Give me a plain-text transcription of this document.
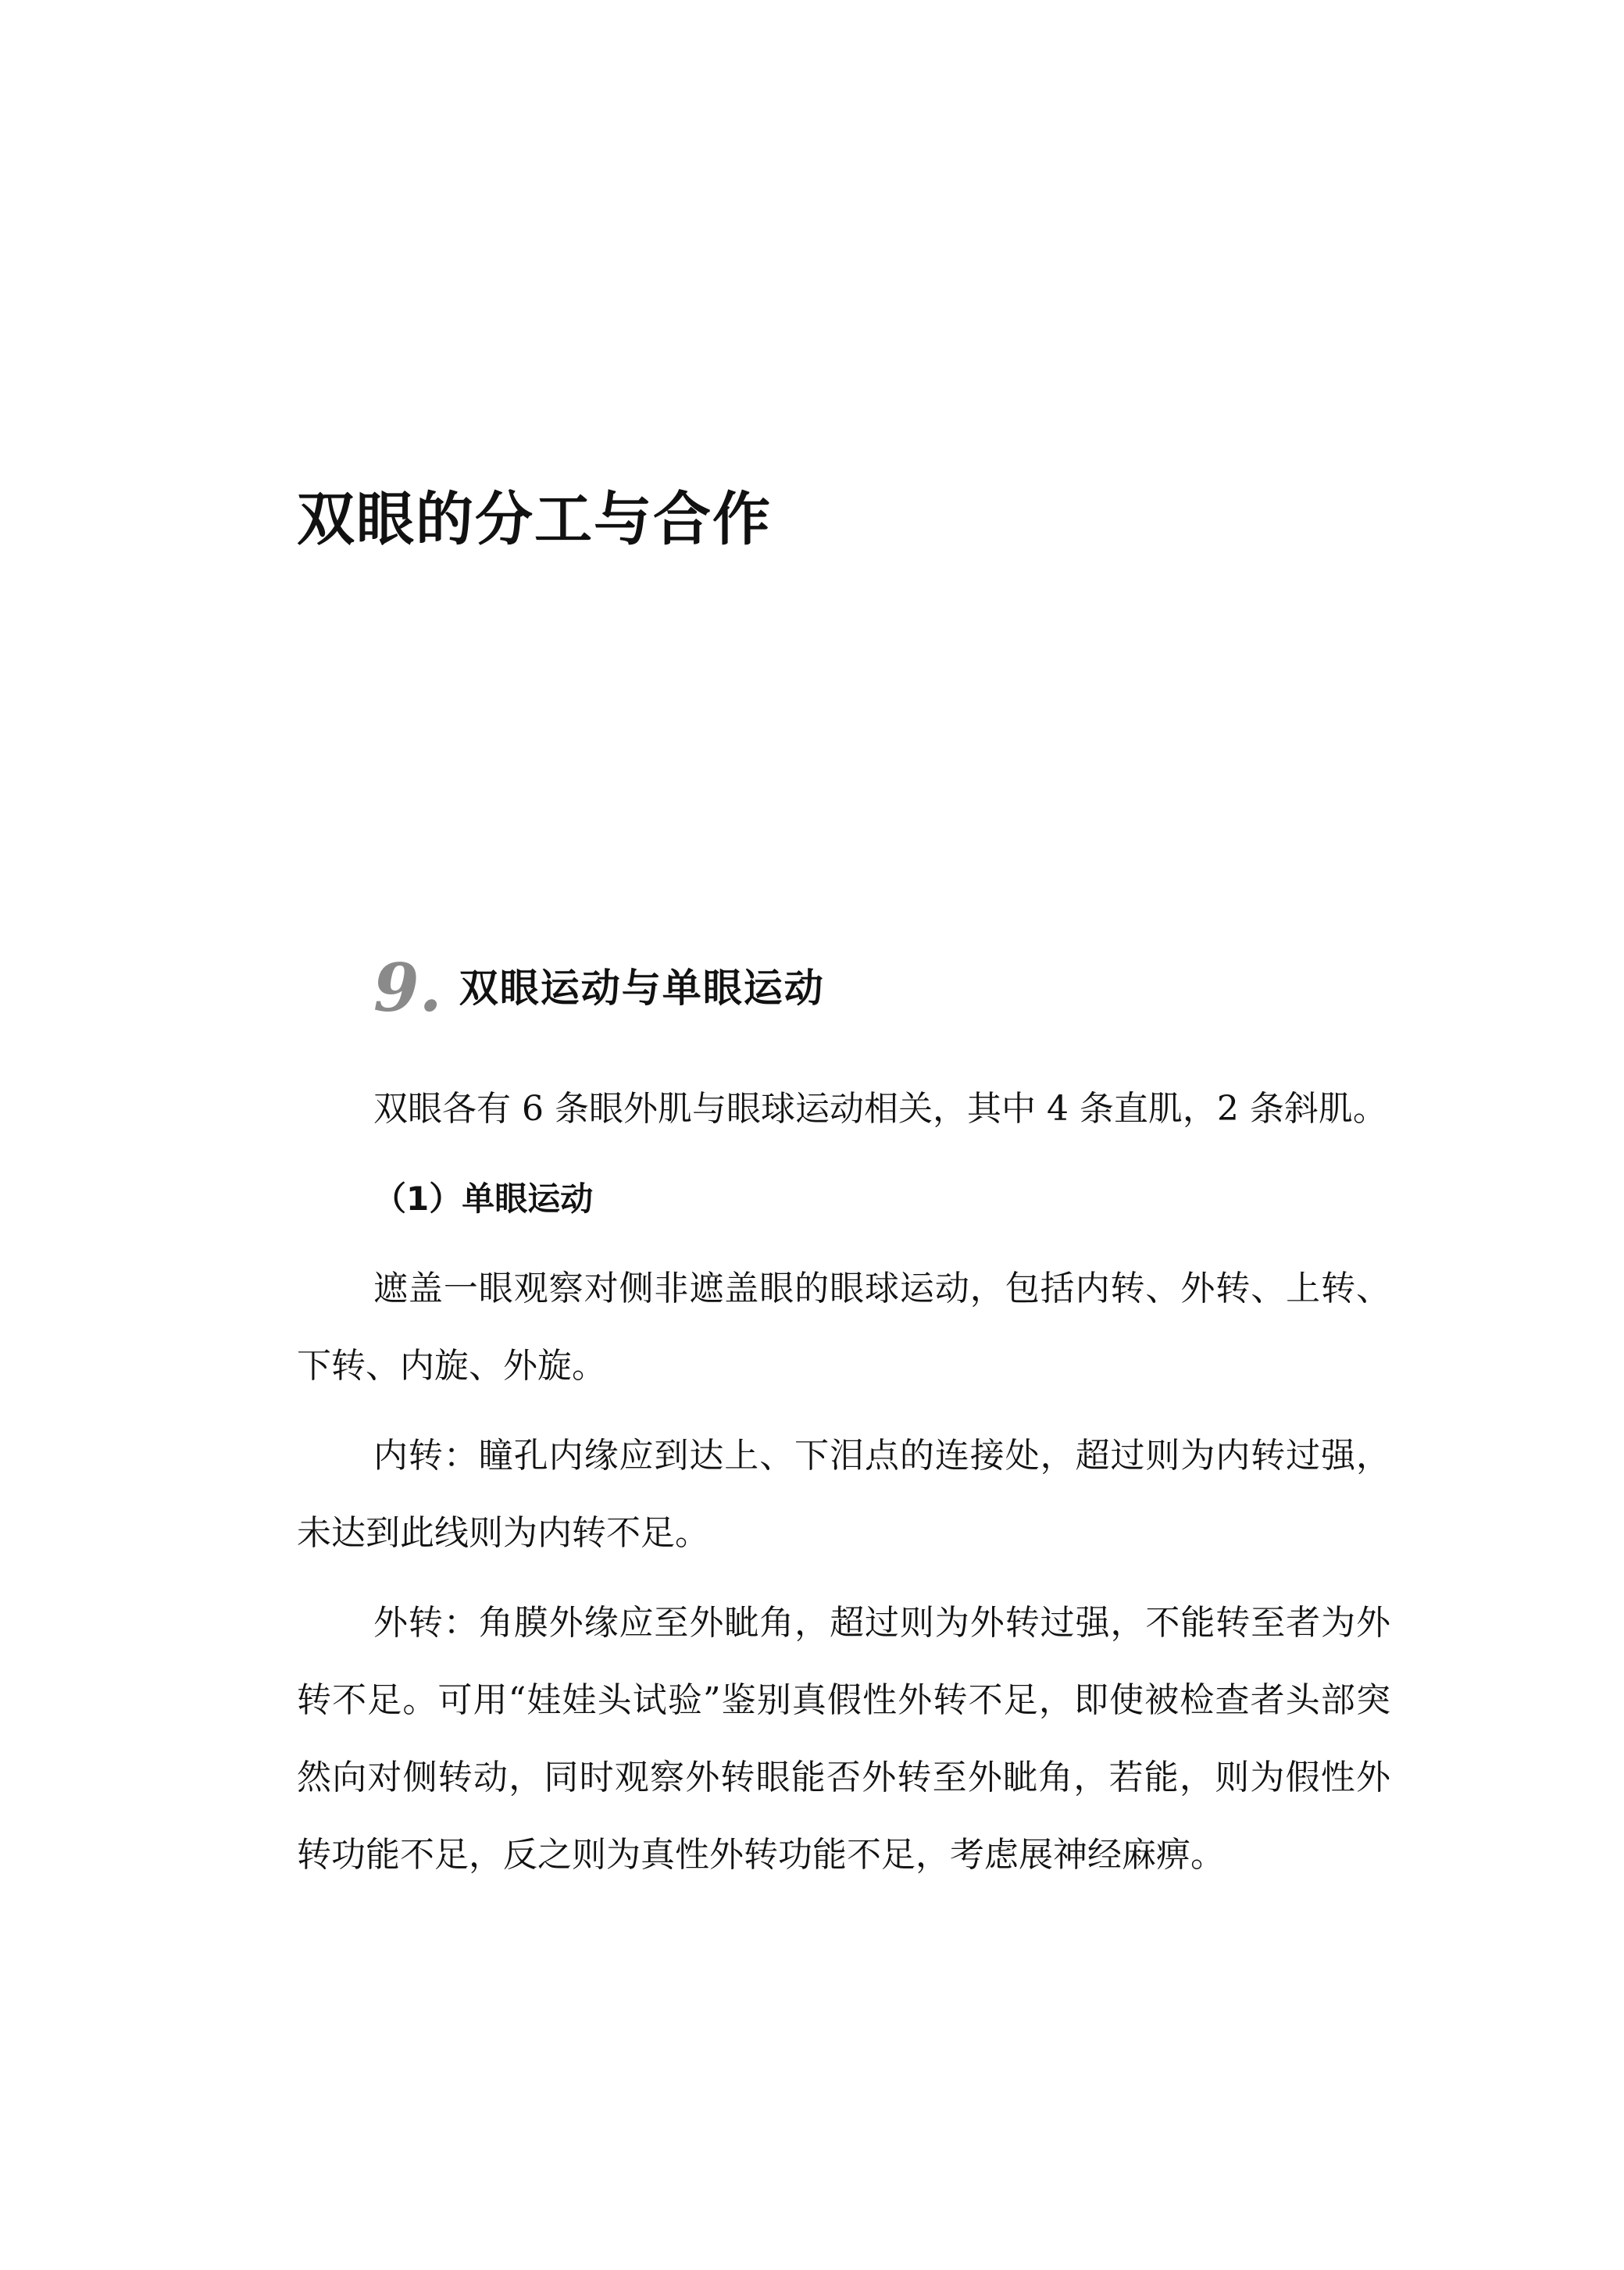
双眼的分工与合作
9. 双眼运动与单眼运动

双眼各有 6 条眼外肌与眼球运动相关，其中 4 条直肌，2 条斜肌。

（1）单眼运动

遮盖一眼观察对侧非遮盖眼的眼球运动，包括内转、外转、上转、下转、内旋、外旋。

内转：瞳孔内缘应到达上、下泪点的连接处，超过则为内转过强，未达到此线则为内转不足。

外转：角膜外缘应至外眦角，超过则为外转过强，不能转至者为外转不足。可用“娃娃头试验”鉴别真假性外转不足，即使被检查者头部突然向对侧转动，同时观察外转眼能否外转至外眦角，若能，则为假性外转功能不足，反之则为真性外转功能不足，考虑展神经麻痹。
